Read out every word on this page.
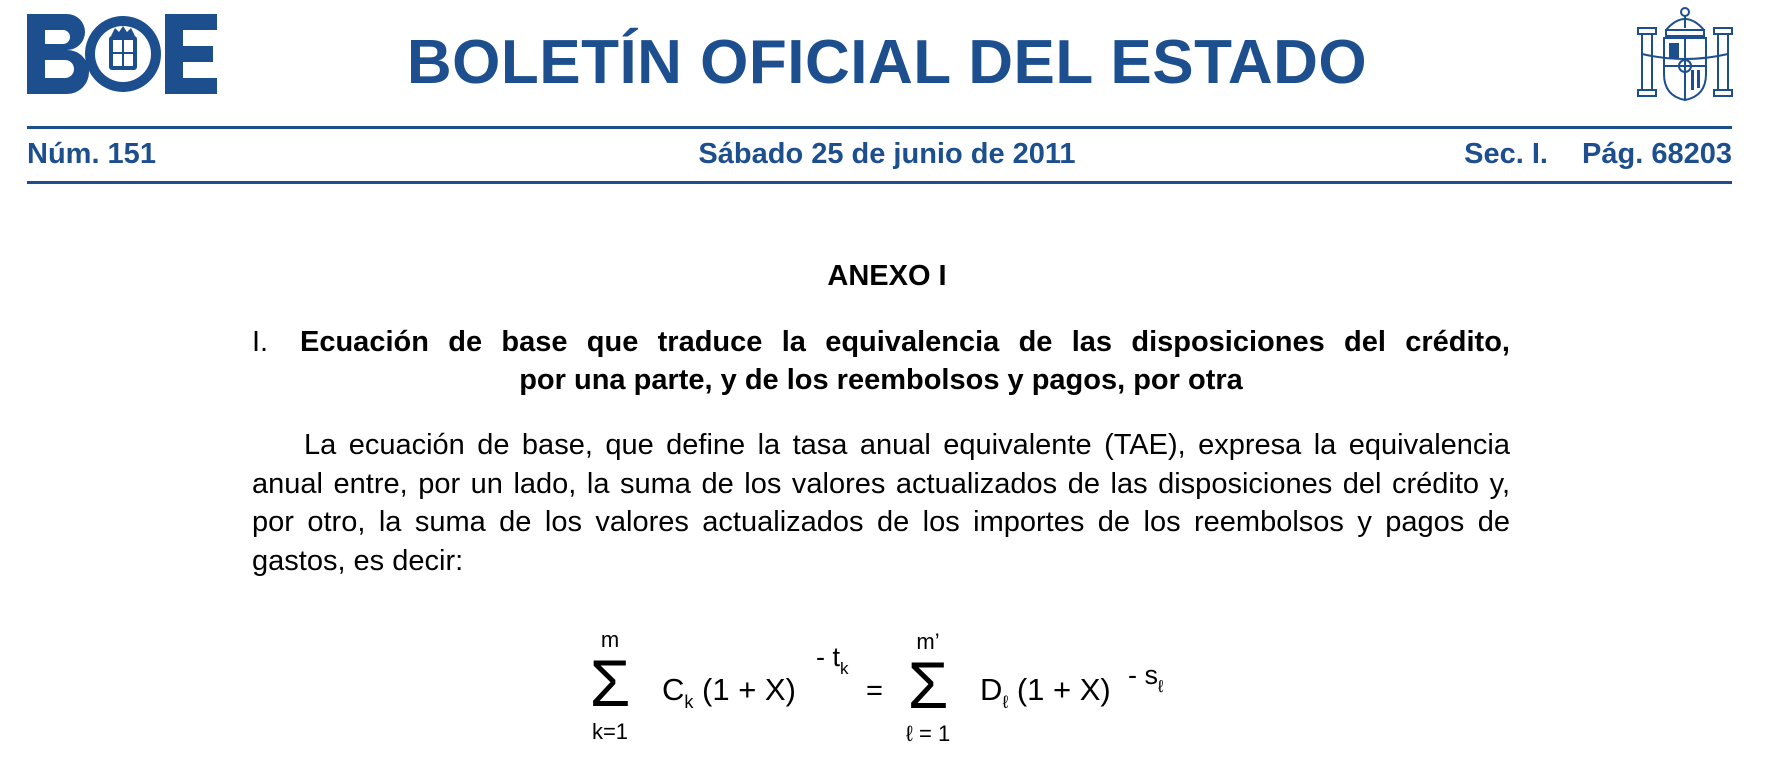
BOLETÍN OFICIAL DEL ESTADO
Núm. 151	Sábado 25 de junio de 2011	Sec. I. Pág. 68203
ANEXO I
I. Ecuación de base que traduce la equivalencia de las disposiciones del crédito,
por una parte, y de los reembolsos y pagos, por otra

La ecuación de base, que define la tasa anual equivalente (TAE), expresa la equivalencia anual entre, por un lado, la suma de los valores actualizados de las disposiciones del crédito y, por otro, la suma de los valores actualizados de los importes de los reembolsos y pagos de gastos, es decir:

m
Σ
k=1
$C_k$ (1 + X)
- $t_k$
=
m’
Σ
ℓ = 1
$D_\ell$ $(1 + X) - s_\ell$
